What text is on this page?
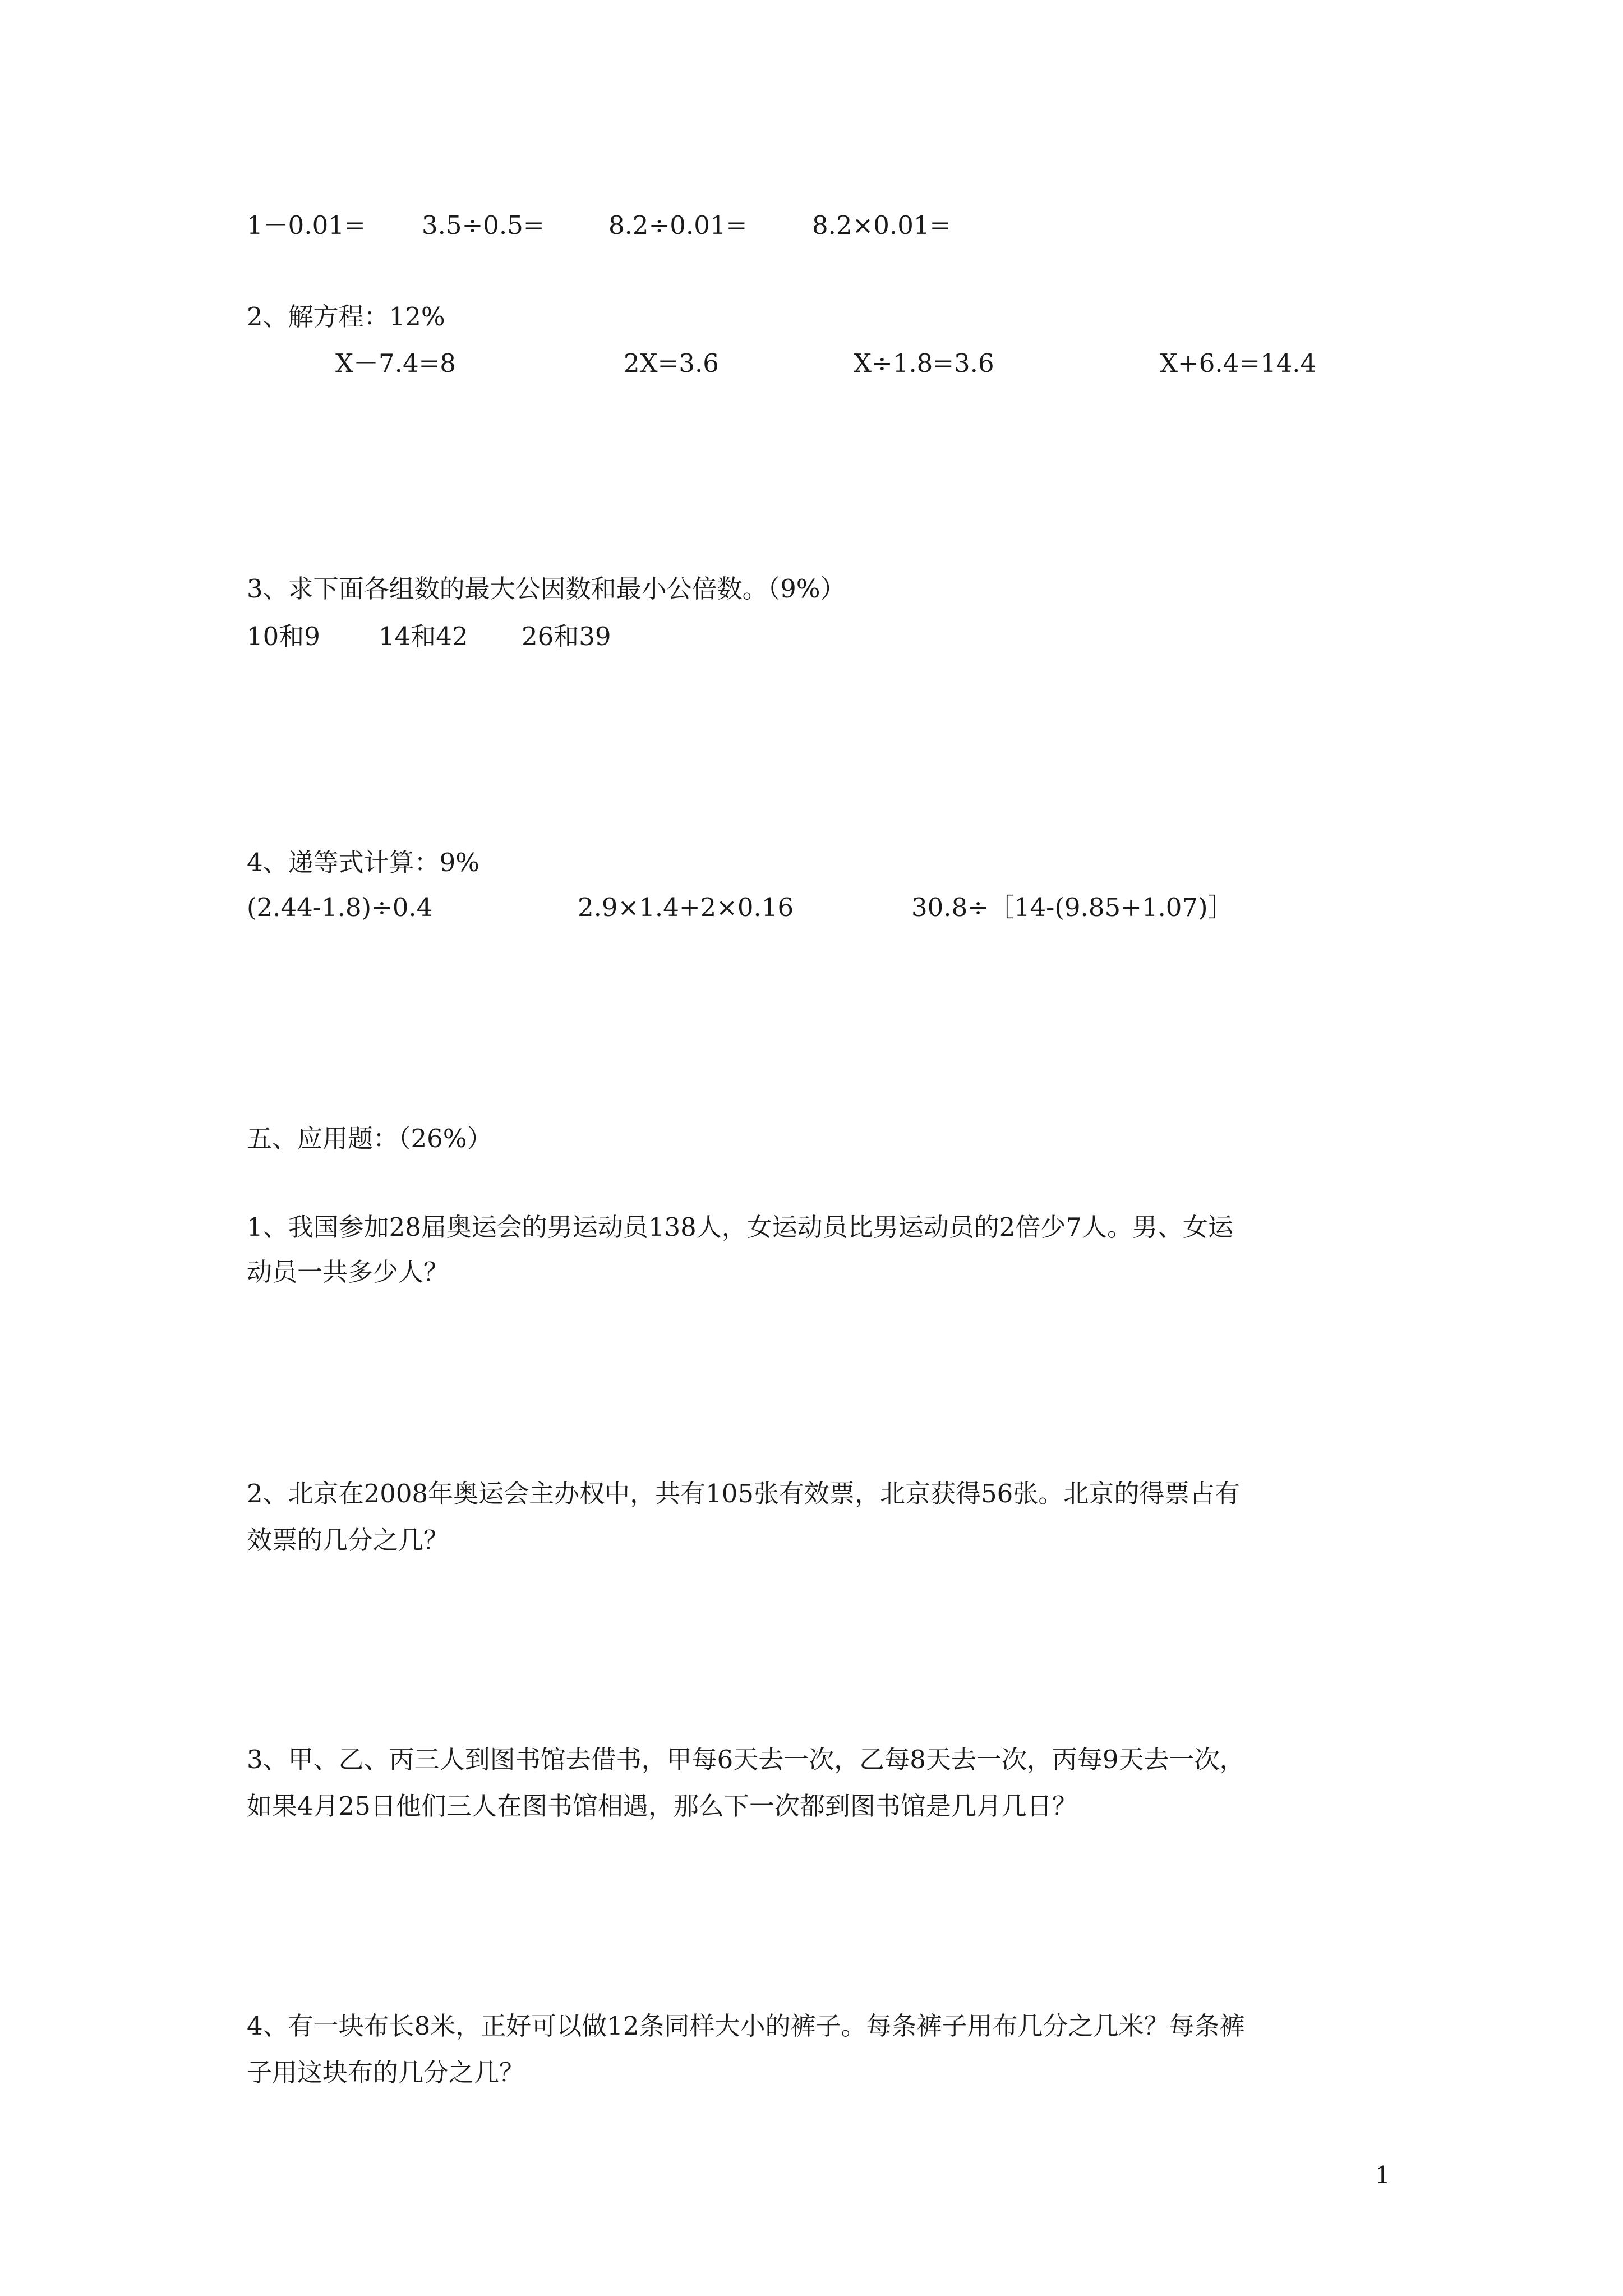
1－0.01= 3.5÷0.5=	8.2÷0.01=	8.2×0.01=
2、解方程：12%
X－7.4=8	2X=3.6	X÷1.8=3.6	X+6.4=14.4
3、求下面各组数的最大公因数和最小公倍数。（9%）
10和9 14和42 26和39
4、递等式计算：9%
(2.44-1.8)÷0.4	2.9×1.4+2×0.16	30.8÷［14-(9.85+1.07)］
五、应用题：（26%）
1、我国参加28届奥运会的男运动员138人，女运动员比男运动员的2倍少7人。男、女运
动员一共多少人？
2、北京在2008年奥运会主办权中，共有105张有效票，北京获得56张。北京的得票占有
效票的几分之几？
3、甲、乙、丙三人到图书馆去借书，甲每6天去一次，乙每8天去一次，丙每9天去一次，
如果4月25日他们三人在图书馆相遇，那么下一次都到图书馆是几月几日？
4、有一块布长8米，正好可以做12条同样大小的裤子。每条裤子用布几分之几米？每条裤
子用这块布的几分之几？
1
